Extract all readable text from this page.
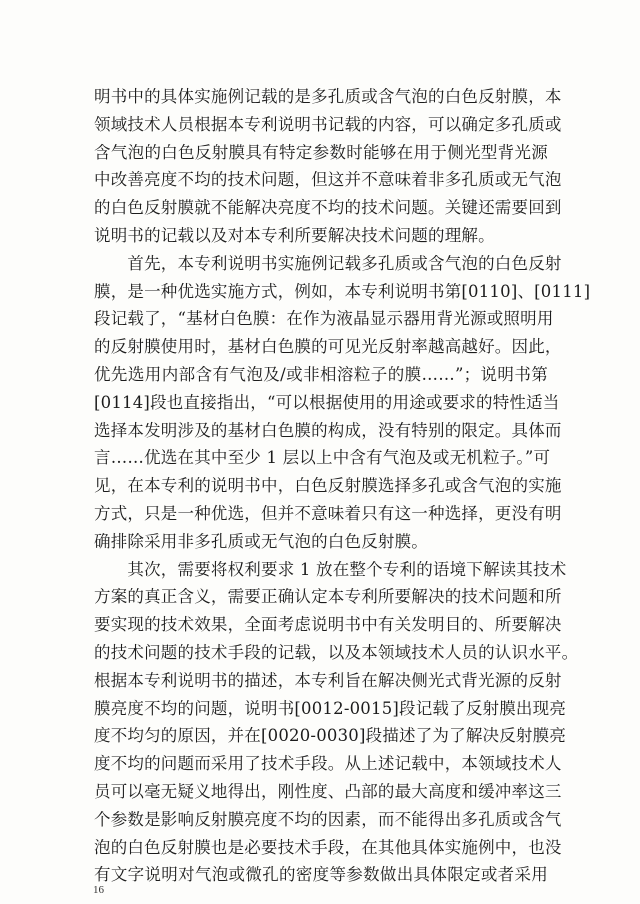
明书中的具体实施例记载的是多孔质或含气泡的白色反射膜，本
领域技术人员根据本专利说明书记载的内容，可以确定多孔质或
含气泡的白色反射膜具有特定参数时能够在用于侧光型背光源
中改善亮度不均的技术问题，但这并不意味着非多孔质或无气泡
的白色反射膜就不能解决亮度不均的技术问题。关键还需要回到
说明书的记载以及对本专利所要解决技术问题的理解。
　　首先，本专利说明书实施例记载多孔质或含气泡的白色反射
膜，是一种优选实施方式，例如，本专利说明书第[0110]、[0111]
段记载了，“基材白色膜：在作为液晶显示器用背光源或照明用
的反射膜使用时，基材白色膜的可见光反射率越高越好。因此，
优先选用内部含有气泡及/或非相溶粒子的膜……”；说明书第
[0114]段也直接指出，“可以根据使用的用途或要求的特性适当
选择本发明涉及的基材白色膜的构成，没有特别的限定。具体而
言……优选在其中至少 1 层以上中含有气泡及或无机粒子。”可
见，在本专利的说明书中，白色反射膜选择多孔或含气泡的实施
方式，只是一种优选，但并不意味着只有这一种选择，更没有明
确排除采用非多孔质或无气泡的白色反射膜。
　　其次，需要将权利要求 1 放在整个专利的语境下解读其技术
方案的真正含义，需要正确认定本专利所要解决的技术问题和所
要实现的技术效果，全面考虑说明书中有关发明目的、所要解决
的技术问题的技术手段的记载，以及本领域技术人员的认识水平。
根据本专利说明书的描述，本专利旨在解决侧光式背光源的反射
膜亮度不均的问题，说明书[0012-0015]段记载了反射膜出现亮
度不均匀的原因，并在[0020-0030]段描述了为了解决反射膜亮
度不均的问题而采用了技术手段。从上述记载中，本领域技术人
员可以毫无疑义地得出，刚性度、凸部的最大高度和缓冲率这三
个参数是影响反射膜亮度不均的因素，而不能得出多孔质或含气
泡的白色反射膜也是必要技术手段，在其他具体实施例中，也没
有文字说明对气泡或微孔的密度等参数做出具体限定或者采用
16
